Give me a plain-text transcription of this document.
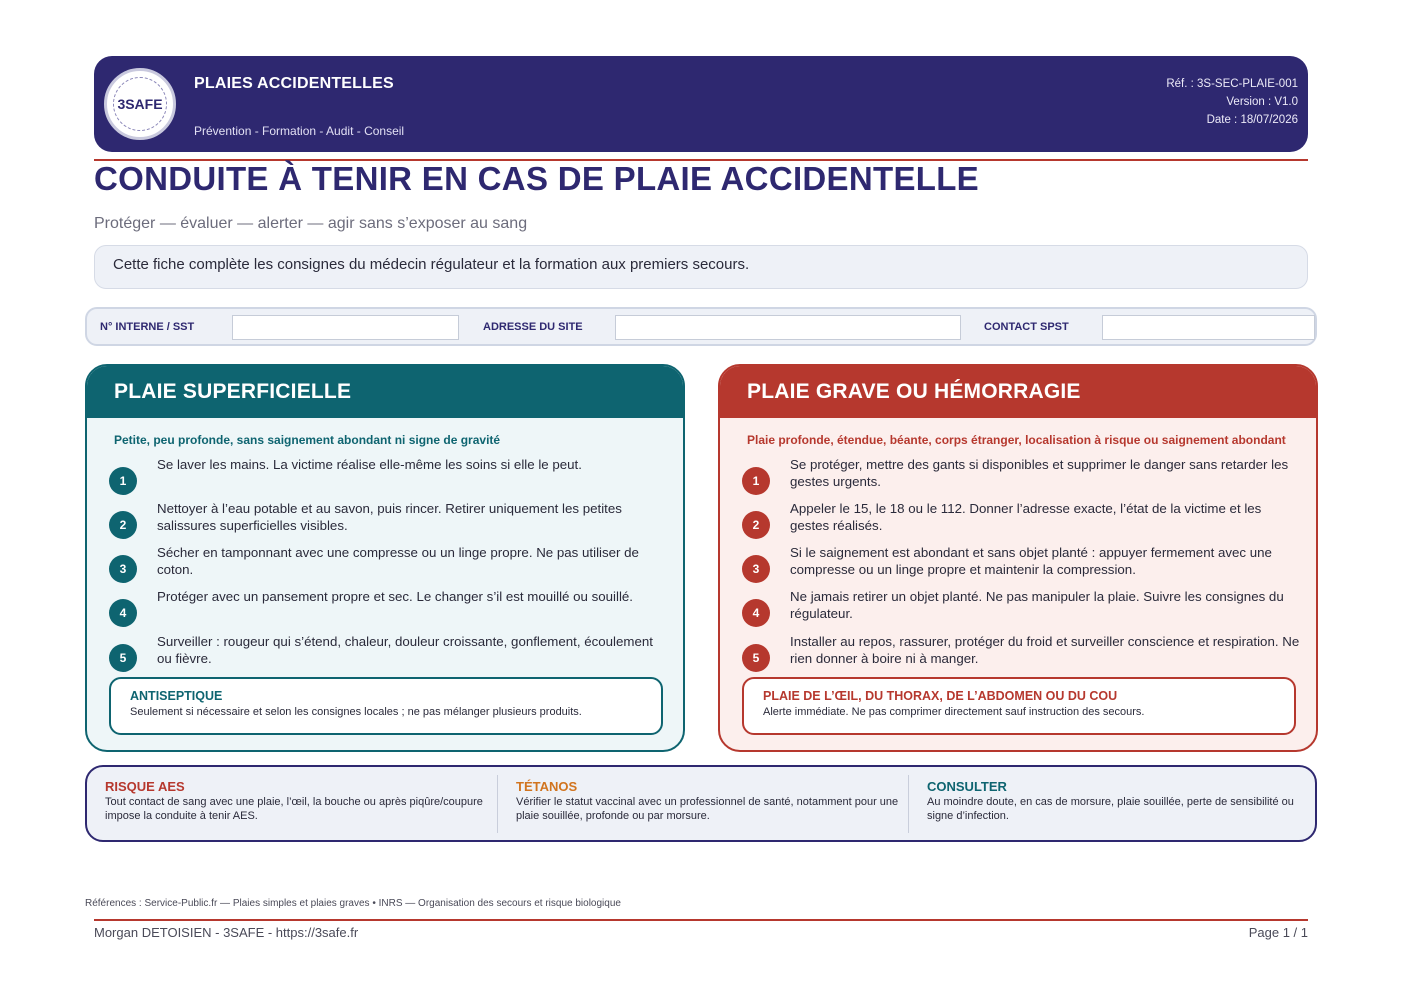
3SAFE
PLAIES ACCIDENTELLES
Prévention - Formation - Audit - Conseil
Réf. : 3S-SEC-PLAIE-001
Version : V1.0
Date : 18/07/2026
CONDUITE À TENIR EN CAS DE PLAIE ACCIDENTELLE
Protéger — évaluer — alerter — agir sans s’exposer au sang
Cette fiche complète les consignes du médecin régulateur et la formation aux premiers secours.
N° INTERNE / SST	ADRESSE DU SITE	CONTACT SPST
PLAIE SUPERFICIELLE
Petite, peu profonde, sans saignement abondant ni signe de gravité
1
Se laver les mains. La victime réalise elle-même les soins si elle le peut.
2
Nettoyer à l’eau potable et au savon, puis rincer. Retirer uniquement les petites salissures superficielles visibles.
3
Sécher en tamponnant avec une compresse ou un linge propre. Ne pas utiliser de coton.
4
Protéger avec un pansement propre et sec. Le changer s’il est mouillé ou souillé.
5
Surveiller : rougeur qui s’étend, chaleur, douleur croissante, gonflement, écoulement ou fièvre.
ANTISEPTIQUE
Seulement si nécessaire et selon les consignes locales ; ne pas mélanger plusieurs produits.
PLAIE GRAVE OU HÉMORRAGIE
Plaie profonde, étendue, béante, corps étranger, localisation à risque ou saignement abondant
1
Se protéger, mettre des gants si disponibles et supprimer le danger sans retarder les gestes urgents.
2
Appeler le 15, le 18 ou le 112. Donner l’adresse exacte, l’état de la victime et les gestes réalisés.
3
Si le saignement est abondant et sans objet planté : appuyer fermement avec une compresse ou un linge propre et maintenir la compression.
4
Ne jamais retirer un objet planté. Ne pas manipuler la plaie. Suivre les consignes du régulateur.
5
Installer au repos, rassurer, protéger du froid et surveiller conscience et respiration. Ne rien donner à boire ni à manger.
PLAIE DE L’ŒIL, DU THORAX, DE L’ABDOMEN OU DU COU
Alerte immédiate. Ne pas comprimer directement sauf instruction des secours.
RISQUE AES
Tout contact de sang avec une plaie, l’œil, la bouche ou après piqûre/coupure impose la conduite à tenir AES.
TÉTANOS
Vérifier le statut vaccinal avec un professionnel de santé, notamment pour une plaie souillée, profonde ou par morsure.
CONSULTER
Au moindre doute, en cas de morsure, plaie souillée, perte de sensibilité ou signe d’infection.
Références : Service-Public.fr — Plaies simples et plaies graves • INRS — Organisation des secours et risque biologique
Morgan DETOISIEN - 3SAFE - https://3safe.fr	Page 1 / 1
